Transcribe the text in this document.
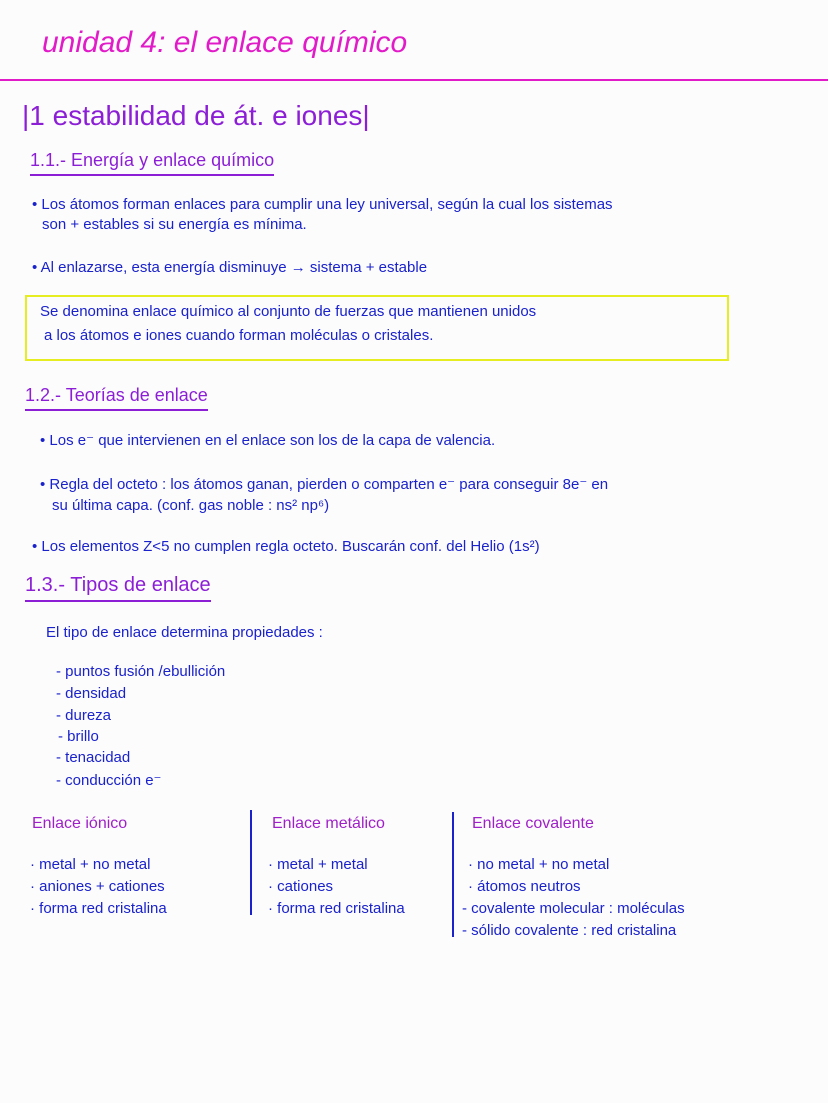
unidad 4: el enlace químico
|1 estabilidad de át. e iones|
1.1.- Energía y enlace químico
• Los átomos forman enlaces para cumplir una ley universal, según la cual los sistemas
son + estables si su energía es mínima.
• Al enlazarse, esta energía disminuye → sistema + estable
Se denomina enlace químico al conjunto de fuerzas que mantienen unidos
a los átomos e iones cuando forman moléculas o cristales.
1.2.- Teorías de enlace
• Los e⁻ que intervienen en el enlace son los de la capa de valencia.
• Regla del octeto : los átomos ganan, pierden o comparten e⁻ para conseguir 8e⁻ en
su última capa. (conf. gas noble : ns² np⁶)
• Los elementos Z<5 no cumplen regla octeto. Buscarán conf. del Helio (1s²)
1.3.- Tipos de enlace
El tipo de enlace determina propiedades :
- puntos fusión /ebullición
- densidad
- dureza
- brillo
- tenacidad
- conducción e⁻
Enlace iónico	Enlace metálico	Enlace covalente
· metal + no metal
· aniones + cationes
· forma red cristalina
· metal + metal
· cationes
· forma red cristalina
· no metal + no metal
· átomos neutros
- covalente molecular : moléculas
- sólido covalente : red cristalina
